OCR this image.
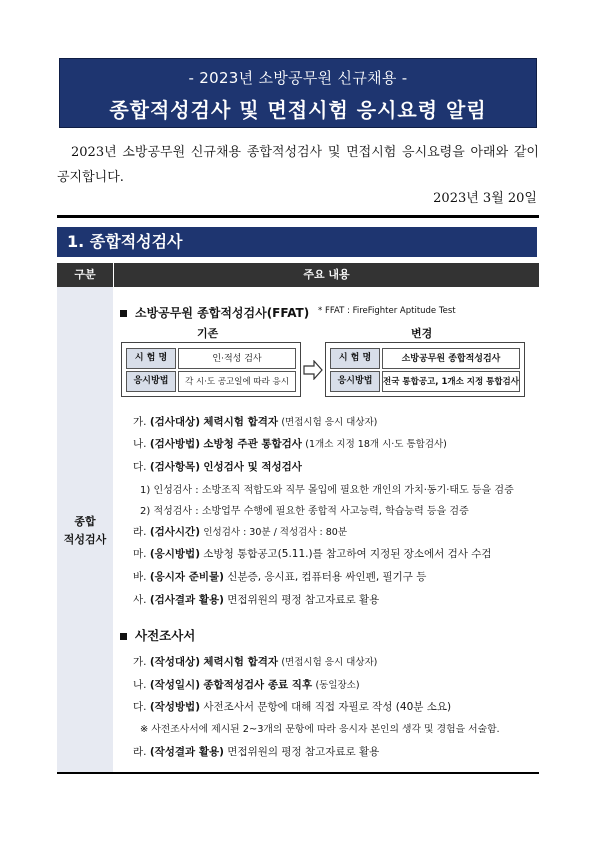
- 2023년 소방공무원 신규채용 -
종합적성검사 및 면접시험 응시요령 알림
2023년 소방공무원 신규채용 종합적성검사 및 면접시험 응시요령을 아래와 같이 공지합니다.
2023년 3월 20일
1. 종합적성검사
구분	주요 내용
종합
적성검사
소방공무원 종합적성검사(FFAT) * FFAT : FireFighter Aptitude Test
기존	변경
시 험 명	인·적성 검사
응시방법	각 시·도 공고일에 따라 응시
시 험 명	소방공무원 종합적성검사
응시방법	전국 통합공고, 1개소 지정 통합검사
가. (검사대상) 체력시험 합격자 (면접시험 응시 대상자)
나. (검사방법) 소방청 주관 통합검사 (1개소 지정 18개 시·도 통합검사)
다. (검사항목) 인성검사 및 적성검사
1) 인성검사 : 소방조직 적합도와 직무 몰입에 필요한 개인의 가치·동기·태도 등을 검증
2) 적성검사 : 소방업무 수행에 필요한 종합적 사고능력, 학습능력 등을 검증
라. (검사시간) 인성검사 : 30분 / 적성검사 : 80분
마. (응시방법) 소방청 통합공고(5.11.)를 참고하여 지정된 장소에서 검사 수검
바. (응시자 준비물) 신분증, 응시표, 컴퓨터용 싸인펜, 필기구 등
사. (검사결과 활용) 면접위원의 평정 참고자료로 활용
사전조사서
가. (작성대상) 체력시험 합격자 (면접시험 응시 대상자)
나. (작성일시) 종합적성검사 종료 직후 (동일장소)
다. (작성방법) 사전조사서 문항에 대해 직접 자필로 작성 (40분 소요)
※ 사전조사서에 제시된 2~3개의 문항에 따라 응시자 본인의 생각 및 경험을 서술함.
라. (작성결과 활용) 면접위원의 평정 참고자료로 활용
